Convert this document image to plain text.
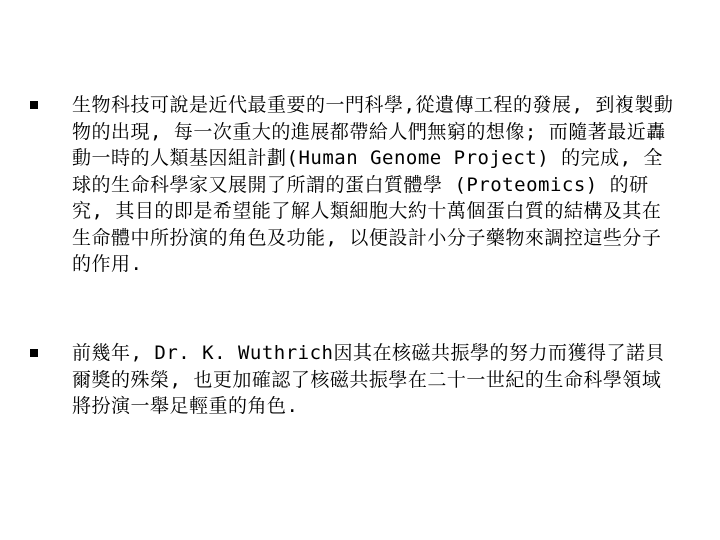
生物科技可說是近代最重要的一門科學,從遺傳工程的發展, 到複製動物的出現, 每一次重大的進展都帶給人們無窮的想像; 而隨著最近轟動一時的人類基因組計劃(Human Genome Project) 的完成, 全球的生命科學家又展開了所謂的蛋白質體學 (Proteomics) 的研究, 其目的即是希望能了解人類細胞大約十萬個蛋白質的結構及其在生命體中所扮演的角色及功能, 以便設計小分子藥物來調控這些分子的作用.
前幾年, Dr. K. Wuthrich因其在核磁共振學的努力而獲得了諾貝爾獎的殊榮, 也更加確認了核磁共振學在二十一世紀的生命科學領域將扮演一舉足輕重的角色.
